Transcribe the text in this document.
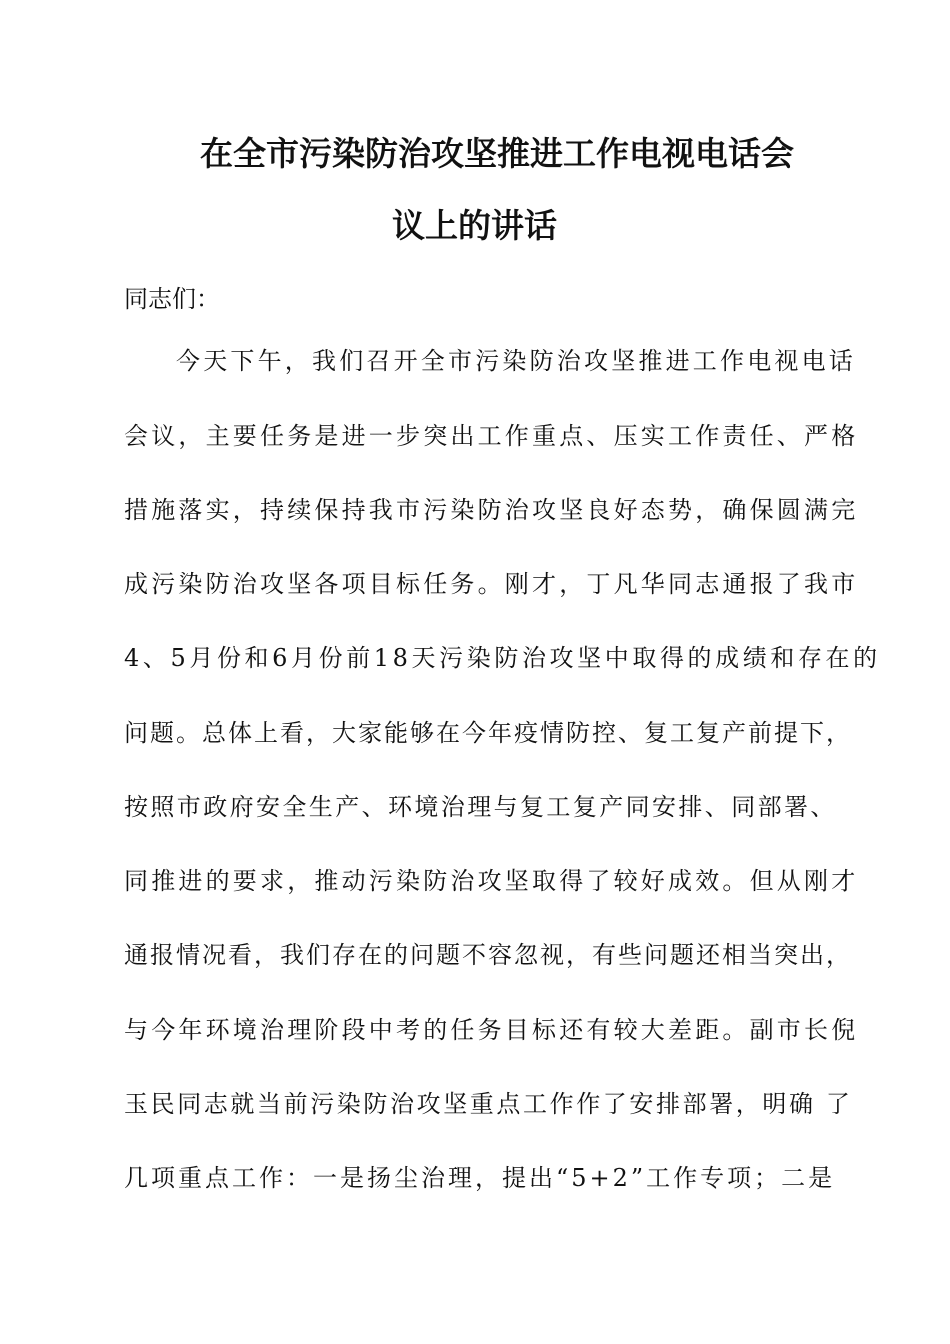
在全市污染防治攻坚推进工作电视电话会
议上的讲话
同志们：
今天下午，我们召开全市污染防治攻坚推进工作电视电话
会议，主要任务是进一步突出工作重点、压实工作责任、严格
措施落实，持续保持我市污染防治攻坚良好态势，确保圆满完
成污染防治攻坚各项目标任务。刚才，丁凡华同志通报了我市
4、5月份和6月份前18天污染防治攻坚中取得的成绩和存在的
问题。总体上看，大家能够在今年疫情防控、复工复产前提下，
按照市政府安全生产、环境治理与复工复产同安排、同部署、
同推进的要求，推动污染防治攻坚取得了较好成效。但从刚才
通报情况看，我们存在的问题不容忽视，有些问题还相当突出，
与今年环境治理阶段中考的任务目标还有较大差距。副市长倪
玉民同志就当前污染防治攻坚重点工作作了安排部署，明确 了
几项重点工作：一是扬尘治理，提出“5+2”工作专项；二是
